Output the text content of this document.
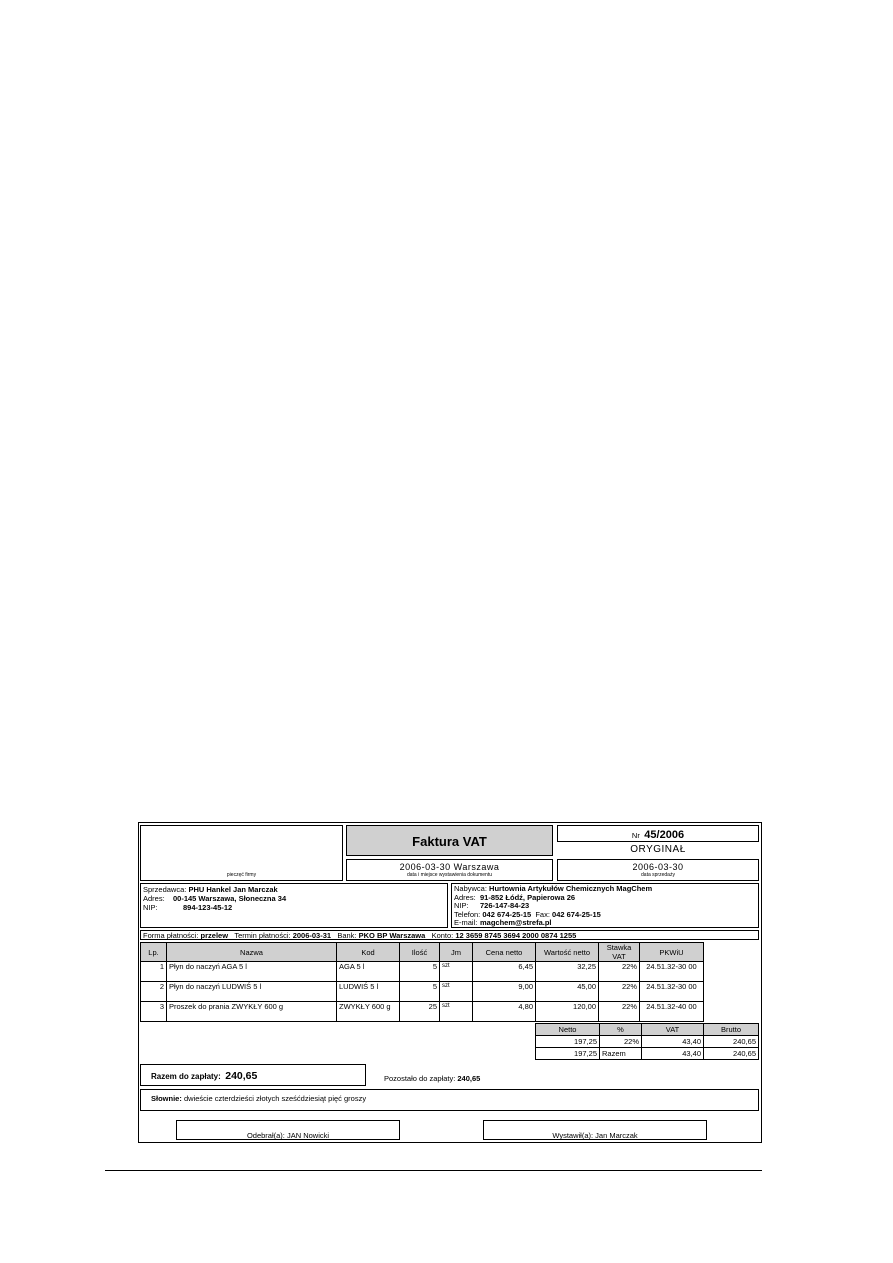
pieczęć firmy
Faktura VAT	Nr 45/2006
ORYGINAŁ
2006-03-30 Warszawa
data i miejsce wystawienia dokumentu
2006-03-30
data sprzedaży
Sprzedawca: PHU Hankel Jan Marczak
Adres: 00-145 Warszawa, Słoneczna 34
NIP:	894-123-45-12
Nabywca: Hurtownia Artykułów Chemicznych MagChem
Adres: 91-852 Łódź, Papierowa 26
NIP: 726-147-84-23
Telefon: 042 674-25-15 Fax: 042 674-25-15
E-mail: magchem@strefa.pl
Forma płatności: przelew Termin płatności: 2006-03-31 Bank: PKO BP Warszawa Konto: 12 3659 8745 3694 2000 0874 1255
Lp.	Nazwa	Kod	Ilość	Jm	Cena netto	Wartość netto	Stawka VAT	PKWiU
1	Płyn do naczyń AGA 5 l	AGA 5 l	5	szt	6,45	32,25	22%	24.51.32-30 00
2	Płyn do naczyń LUDWIŚ 5 l	LUDWIŚ 5 l	5	szt	9,00	45,00	22%	24.51.32-30 00
3	Proszek do prania ZWYKŁY 600 g	ZWYKŁY 600 g	25	szt	4,80	120,00	22%	24.51.32-40 00
Netto	%	VAT	Brutto
197,25	22%	43,40	240,65
197,25	Razem	43,40	240,65
Razem do zapłaty: 240,65	Pozostało do zapłaty: 240,65
Słownie: dwieście czterdzieści złotych sześćdziesiąt pięć groszy
Odebrał(a): JAN Nowicki	Wystawił(a): Jan Marczak
